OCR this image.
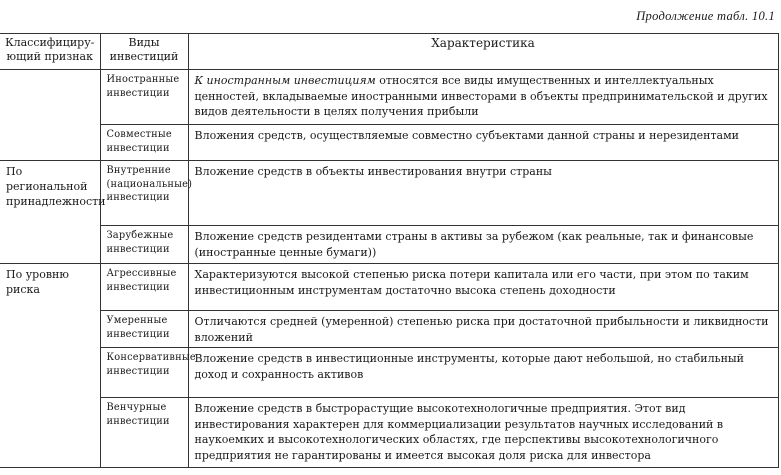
Продолжение табл. 10.1
Классифициру-ющий признак	Виды инвестиций	Характеристика
	Иностранные инвестиции	К иностранным инвестициям относятся все виды имущественных и интеллектуальных ценностей, вкладываемые иностранными инвесторами в объекты предпринимательской и других видов деятельности в целях получения прибыли
	Совместные инвестиции	Вложения средств, осуществляемые совместно субъектами данной страны и нерезидентами
По региональной принадлежности	Внутренние (национальные) инвестиции	Вложение средств в объекты инвестирования внутри страны
	Зарубежные инвестиции	Вложение средств резидентами страны в активы за рубежом (как реальные, так и финансовые (иностранные ценные бумаги))
По уровню риска	Агрессивные инвестиции	Характеризуются высокой степенью риска потери капитала или его части, при этом по таким инвестиционным инструментам достаточно высока степень доходности
	Умеренные инвестиции	Отличаются средней (умеренной) степенью риска при достаточной прибыльности и ликвидности вложений
	Консервативные инвестиции	Вложение средств в инвестиционные инструменты, которые дают небольшой, но стабильный доход и сохранность активов
	Венчурные инвестиции	Вложение средств в быстрорастущие высокотехнологичные предприятия. Этот вид инвестирования характерен для коммерциализации результатов научных исследований в наукоемких и высокотехнологических областях, где перспективы высокотехнологичного предприятия не гарантированы и имеется высокая доля риска для инвестора
